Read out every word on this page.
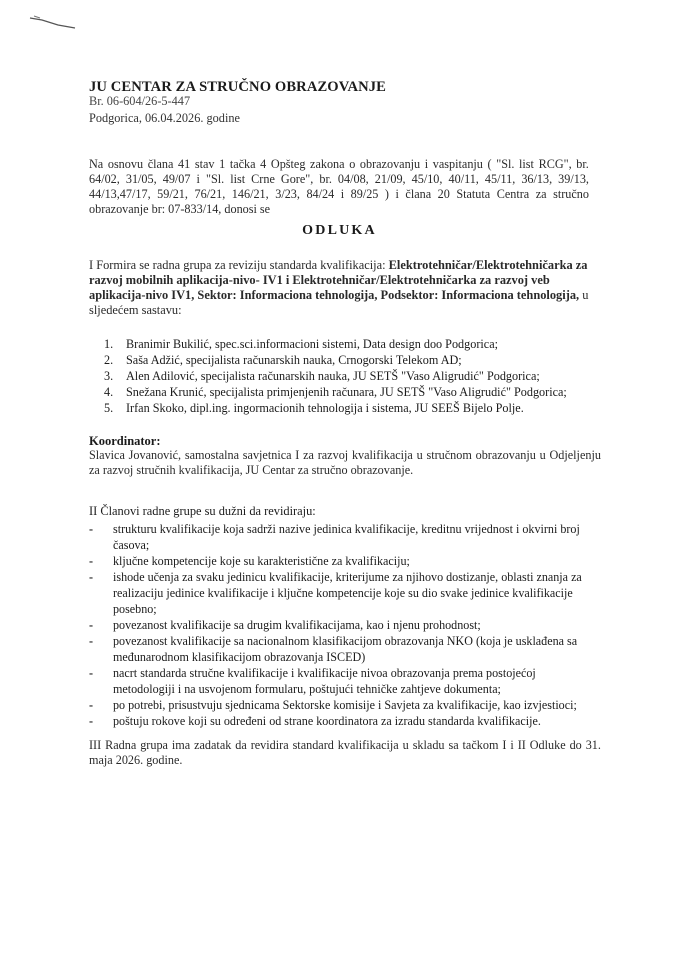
JU CENTAR ZA STRUČNO OBRAZOVANJE
Br. 06-604/26-5-447
Podgorica, 06.04.2026. godine
Na osnovu člana 41 stav 1 tačka 4 Opšteg zakona o obrazovanju i vaspitanju ( "Sl. list RCG", br.
64/02, 31/05, 49/07 i "Sl. list Crne Gore", br. 04/08, 21/09, 45/10, 40/11, 45/11, 36/13, 39/13,
44/13,47/17, 59/21, 76/21, 146/21, 3/23, 84/24 i 89/25 ) i člana 20 Statuta Centra za stručno
obrazovanje br: 07-833/14, donosi se
ODLUKA
I Formira se radna grupa za reviziju standarda kvalifikacija: Elektrotehničar/Elektrotehničarka za
razvoj mobilnih aplikacija-nivo- IV1 i Elektrotehničar/Elektrotehničarka za razvoj veb
aplikacija-nivo IV1, Sektor: Informaciona tehnologija, Podsektor: Informaciona tehnologija, u
sljedećem sastavu:
1. Branimir Bukilić, spec.sci.informacioni sistemi, Data design doo Podgorica;
2. Saša Adžić, specijalista računarskih nauka, Crnogorski Telekom AD;
3. Alen Adilović, specijalista računarskih nauka, JU SETŠ "Vaso Aligrudić" Podgorica;
4. Snežana Krunić, specijalista primjenjenih računara, JU SETŠ "Vaso Aligrudić" Podgorica;
5. Irfan Skoko, dipl.ing. ingormacionih tehnologija i sistema, JU SEEŠ Bijelo Polje.
Koordinator:
Slavica Jovanović, samostalna savjetnica I za razvoj kvalifikacija u stručnom obrazovanju u Odjeljenju
za razvoj stručnih kvalifikacija, JU Centar za stručno obrazovanje.
II Članovi radne grupe su dužni da revidiraju:
-	strukturu kvalifikacije koja sadrži nazive jedinica kvalifikacije, kreditnu vrijednost i okvirni broj
časova;
-	ključne kompetencije koje su karakteristične za kvalifikaciju;
-	ishode učenja za svaku jedinicu kvalifikacije, kriterijume za njihovo dostizanje, oblasti znanja za
realizaciju jedinice kvalifikacije i ključne kompetencije koje su dio svake jedinice kvalifikacije
posebno;
-	povezanost kvalifikacije sa drugim kvalifikacijama, kao i njenu prohodnost;
-	povezanost kvalifikacije sa nacionalnom klasifikacijom obrazovanja NKO (koja je usklađena sa
međunarodnom klasifikacijom obrazovanja ISCED)
-	nacrt standarda stručne kvalifikacije i kvalifikacije nivoa obrazovanja prema postojećoj
metodologiji i na usvojenom formularu, poštujući tehničke zahtjeve dokumenta;
-	po potrebi, prisustvuju sjednicama Sektorske komisije i Savjeta za kvalifikacije, kao izvjestioci;
-	poštuju rokove koji su određeni od strane koordinatora za izradu standarda kvalifikacije.
III Radna grupa ima zadatak da revidira standard kvalifikacija u skladu sa tačkom I i II Odluke do 31.
maja 2026. godine.
